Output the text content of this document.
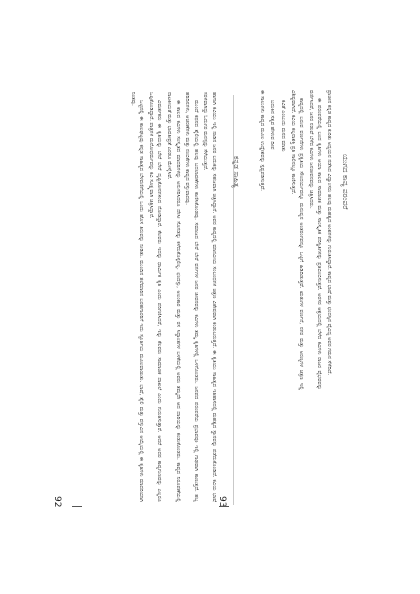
ಕನ್ನಡ ಸಾಹಿತ್ಯ
92	ಹಾಗಾಗಿ ಕವಿಯು ಇಲ್ಲಿ ನಾಡಿನ ಜನರ ಬದುಕನ್ನು ಸಹಜವಾಗಿ ಚಿತ್ರಿಸಿದ್ದಾನೆ. ಅವರ ಕಾವ್ಯದಲ್ಲಿ ಮಾನವೀಯ ಸಂಬಂಧಗಳ ಚಿತ್ರಣ ವಿಶೇಷವಾಗಿ ಕಂಡುಬರುತ್ತದೆ. ಈ ಕೃತಿಯು ಸಾಹಿತ್ಯದ ಇತಿಹಾಸದಲ್ಲಿ ಮಹತ್ವದ ಸ್ಥಾನವನ್ನು ಪಡೆದುಕೊಂಡಿದೆ. ಕವಿಯ ಭಾಷೆ ಸರಳವಾಗಿದ್ದು ಓದುಗರ ಮನಸ್ಸನ್ನು ಸೆಳೆಯುತ್ತದೆ.

ಮುಂದೆ ಕಥನದ ಶೈಲಿಯಲ್ಲಿ ಹಲವು ಬದಲಾವಣೆಗಳು ಕಾಣಿಸಿಕೊಂಡವು. ಸಮಾಜದ ಬೇರೆ ಬೇರೆ ವರ್ಗಗಳ ಜನರ ಜೀವನವನ್ನು ಕವಿಗಳು ತಮ್ಮ ಕೃತಿಗಳಲ್ಲಿ ಒಳಗೊಂಡರು. ಜನಪದ ಪರಂಪರೆಯ ಪ್ರಭಾವವೂ ಇಲ್ಲಿ ಗಾಢವಾಗಿ ಕಾಣುತ್ತದೆ. ಹಬ್ಬ ಹರಿದಿನಗಳು, ಆಚರಣೆಗಳು ಮತ್ತು ನಂಬಿಕೆಗಳು ಕಾವ್ಯದ ವಸ್ತುವಾದವು.

ಈ ಕಾಲದ ಕವಿಗಳು ಸಂಸ್ಕೃತದ ಮಾದರಿಗಳನ್ನು ಅನುಸರಿಸಿದರೂ ದೇಸೀ ಸೊಗಡನ್ನು ಕಳೆದುಕೊಳ್ಳಲಿಲ್ಲ. ಛಂದಸ್ಸು, ಅಲಂಕಾರ ಮತ್ತು ರಸ ಸಿದ್ಧಾಂತಗಳ ಬಳಕೆಯಲ್ಲಿ ಅವರು ತಮ್ಮದೇ ಆದ ದಾರಿಯನ್ನು ಕಂಡುಕೊಂಡರು. ಕಾವ್ಯದ ನಿರೂಪಣೆಯಲ್ಲಿ ನಾಟಕೀಯತೆ ಮತ್ತು ಭಾವತೀವ್ರತೆ ಎರಡೂ ಮೇಳೈಸಿವೆ.

ವಿಮರ್ಶಕರು ಈ ಕೃತಿಯನ್ನು ಬೇರೆ ಬೇರೆ ದೃಷ್ಟಿಕೋನಗಳಿಂದ ನೋಡಿದ್ದಾರೆ. ಕೆಲವರು ಇದನ್ನು ಧಾರ್ಮಿಕ ಕೃತಿ ಎಂದು ಪರಿಗಣಿಸಿದರೆ, ಇನ್ನು ಕೆಲವರು ಸಾಮಾಜಿಕ ದಾಖಲೆ ಎಂದು ಗುರುತಿಸುತ್ತಾರೆ. ಆದರೆ ಅದರ ಕಾವ್ಯಗುಣವನ್ನು ಎಲ್ಲರೂ ಒಪ್ಪಿಕೊಂಡಿದ್ದಾರೆ. ಪಾತ್ರಗಳ ಮನೋಧರ್ಮವನ್ನು ಕವಿ ಸೂಕ್ಷ್ಮವಾಗಿ ಚಿತ್ರಿಸಿದ್ದಾನೆ.

ಒಟ್ಟಿನಲ್ಲಿ ಈ ಕಾಲಘಟ್ಟವು ಕನ್ನಡ ಸಾಹಿತ್ಯದ ಬೆಳವಣಿಗೆಯಲ್ಲಿ ಒಂದು ಹೊಸ ತಿರುವನ್ನು ನೀಡಿತು. ಮುಂದಿನ ತಲೆಮಾರಿನ ಬರಹಗಾರರಿಗೆ ಇದು ಸ್ಫೂರ್ತಿಯ ಮೂಲವಾಯಿತು. ಭಾಷೆ, ಶೈಲಿ ಮತ್ತು ವಸ್ತುವಿನ ಆಯ್ಕೆಯಲ್ಲಿ ಈ ಕೃತಿಗಳು ಮಾದರಿಯಾಗಿ ನಿಂತವು.

ಯುಗದ ಕಾವ್ಯ ಪರಂಪರೆ
93

ಪ್ರಾಚೀನ ಕನ್ನಡ ಕಾವ್ಯದ ಕುರಿತು ಅಧ್ಯಯನ ನಡೆಸಿದ ವಿದ್ವಾಂಸರು ಹಲವು ಮಹತ್ವದ ಅಂಶಗಳನ್ನು ಗುರುತಿಸಿದ್ದಾರೆ. ಕಾವ್ಯದ ಭಾಷೆ ಮತ್ತು ಛಂದಸ್ಸಿನ ವೈವಿಧ್ಯ ಅವರ ಗಮನ ಸೆಳೆದಿದೆ.

ಈ ಪರಂಪರೆಯಲ್ಲಿ ಬಂದ ಕೃತಿಗಳು ಆಯಾ ಕಾಲದ ಸಾಮಾಜಿಕ ಮತ್ತು ಸಾಂಸ್ಕೃತಿಕ ಪರಿಸ್ಥಿತಿಗಳನ್ನು ಪ್ರತಿಬಿಂಬಿಸುತ್ತವೆ. ಅರಸರ ಆಶ್ರಯದಲ್ಲಿ ಬೆಳೆದ ಕವಿಗಳು ರಾಜರ ವೈಭವವನ್ನು ವರ್ಣಿಸಿದರೆ, ಜನರ ನಡುವೆ ಬೆಳೆದ ಕವಿಗಳು ಜನಜೀವನವನ್ನು ಚಿತ್ರಿಸಿದರು.

ಕಾವ್ಯದಲ್ಲಿ ಬರುವ ವರ್ಣನೆಗಳು ಪ್ರಕೃತಿಯ ಸೌಂದರ್ಯವನ್ನೂ ಮನುಷ್ಯನ ಅಂತರಂಗವನ್ನೂ ಒಟ್ಟಿಗೆ ಹಿಡಿದಿಡುತ್ತವೆ. ಋತುಗಳ ವರ್ಣನೆ, ನಗರ ಮತ್ತು ಅರಣ್ಯಗಳ ಚಿತ್ರಣ ಇಲ್ಲಿ ವಿಶಿಷ್ಟವಾಗಿದೆ. ಕವಿಯ ಕಲ್ಪನಾಶಕ್ತಿ ಪ್ರತಿ ಸಾಲಿನಲ್ಲೂ ಕಾಣಿಸುತ್ತದೆ.

ಕವಿತೆ ಎಂಬುದು ಮನದ ಮಾತು
ಬದುಕಿನ ಸತ್ಯವ ಹೇಳುವ ದೀಪ

ಈ ಸಾಲುಗಳು ಕಾವ್ಯದ ಮೂಲ ಉದ್ದೇಶವನ್ನು ಸ್ಪಷ್ಟಪಡಿಸುತ್ತವೆ.
